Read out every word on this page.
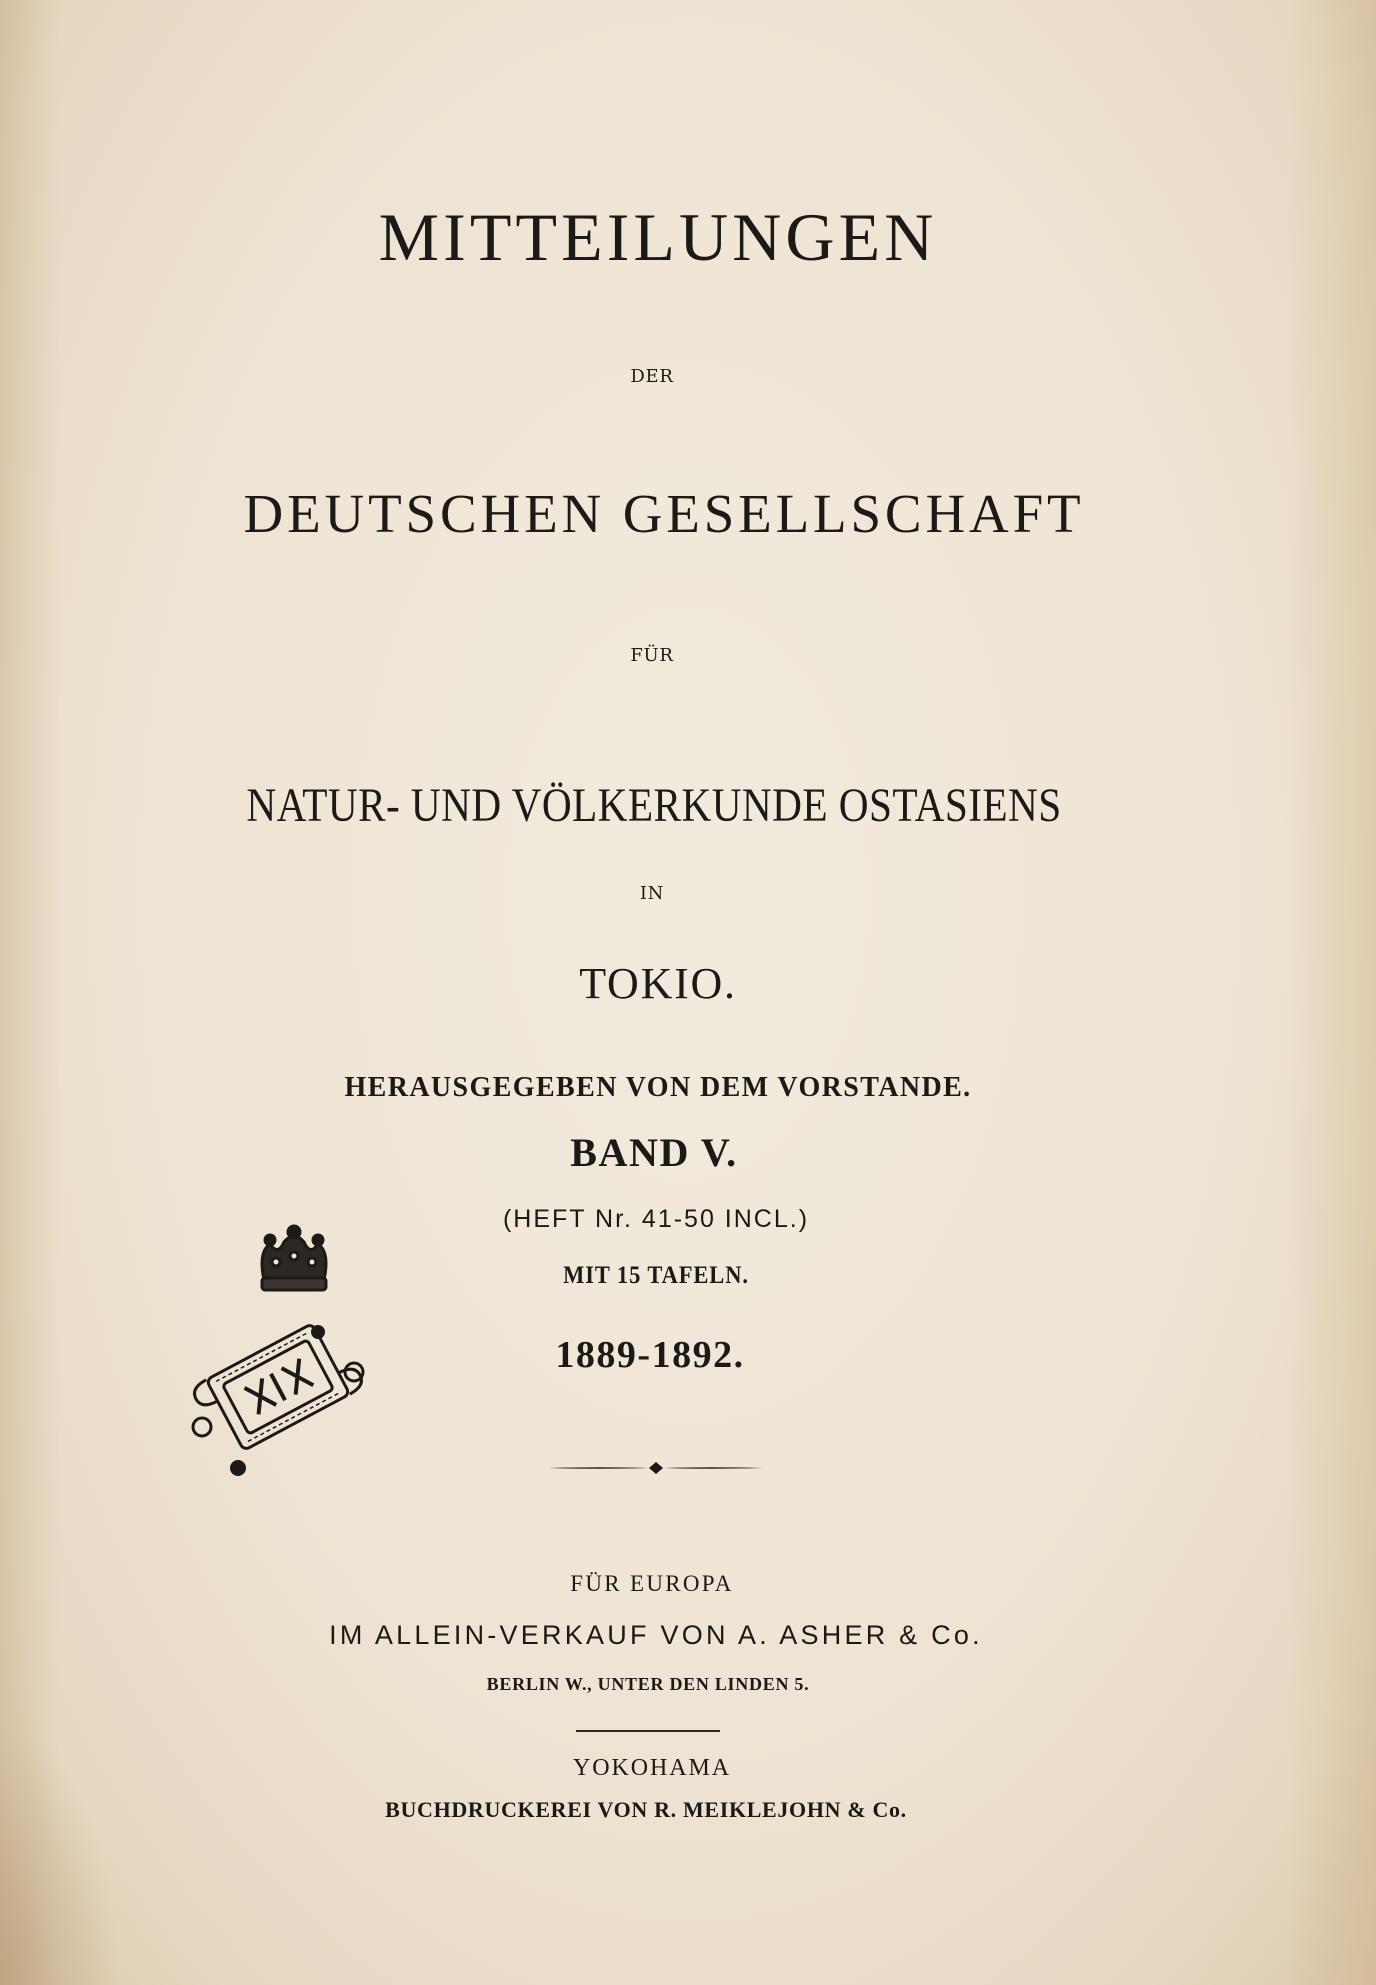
MITTEILUNGEN
DER
DEUTSCHEN GESELLSCHAFT
FÜR
NATUR- UND VÖLKERKUNDE OSTASIENS
IN
TOKIO.
HERAUSGEGEBEN VON DEM VORSTANDE.
BAND V.
(HEFT Nr. 41-50 INCL.)
MIT 15 TAFELN.
1889-1892.
FÜR EUROPA
IM ALLEIN-VERKAUF VON A. ASHER & Co.
BERLIN W., UNTER DEN LINDEN 5.
YOKOHAMA
BUCHDRUCKEREI VON R. MEIKLEJOHN & Co.
